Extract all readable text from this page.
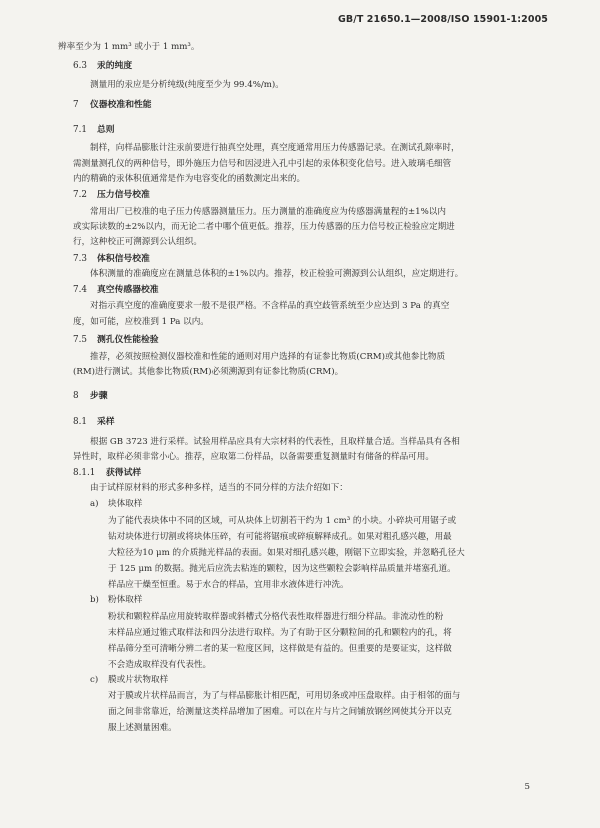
GB/T 21650.1—2008/ISO 15901-1:2005
辨率至少为 1 mm³ 或小于 1 mm³。
6.3 汞的纯度
测量用的汞应是分析纯级(纯度至少为 99.4%/m)。
7 仪器校准和性能
7.1 总则
制样，向样品膨胀计注汞前要进行抽真空处理，真空度通常用压力传感器记录。在测试孔隙率时，
需测量测孔仪的两种信号，即外施压力信号和因浸进入孔中引起的汞体积变化信号。进入玻璃毛细管
内的精确的汞体积值通常是作为电容变化的函数测定出来的。
7.2 压力信号校准
常用出厂已校准的电子压力传感器测量压力。压力测量的准确度应为传感器满量程的±1%以内
或实际读数的±2%以内，而无论二者中哪个值更低。推荐，压力传感器的压力信号校正检验应定期进
行，这种校正可溯源到公认组织。
7.3 体积信号校准
体积测量的准确度应在测量总体积的±1%以内。推荐，校正检验可溯源到公认组织，应定期进行。
7.4 真空传感器校准
对指示真空度的准确度要求一般不是很严格。不含样品的真空歧管系统至少应达到 3 Pa 的真空
度，如可能，应校准到 1 Pa 以内。
7.5 测孔仪性能检验
推荐，必须按照检测仪器校准和性能的通则对用户选择的有证参比物质(CRM)或其他参比物质
(RM)进行测试。其他参比物质(RM)必须溯源到有证参比物质(CRM)。
8 步骤
8.1 采样
根据 GB 3723 进行采样。试验用样品应具有大宗材料的代表性，且取样量合适。当样品具有各相
异性时，取样必须非常小心。推荐，应取第二份样品，以备需要重复测量时有储备的样品可用。
8.1.1 获得试样
由于试样原材料的形式多种多样，适当的不同分样的方法介绍如下：
a) 块体取样
为了能代表块体中不同的区域，可从块体上切割若干约为 1 cm³ 的小块。小碎块可用锯子或
钻对块体进行切割或将块体压碎，有可能将锯痕或碎痕解释成孔。如果对粗孔感兴趣，用最
大粒径为10 μm 的介质抛光样品的表面。如果对细孔感兴趣，刚锯下立即实验，并忽略孔径大
于 125 μm 的数据。抛光后应洗去粘连的颗粒，因为这些颗粒会影响样品质量并堵塞孔道。
样品应干燥至恒重。易于水合的样品，宜用非水液体进行冲洗。
b) 粉体取样
粉状和颗粒样品应用旋转取样器或斜槽式分格代表性取样器进行细分样品。非流动性的粉
末样品应通过锥式取样法和四分法进行取样。为了有助于区分颗粒间的孔和颗粒内的孔，将
样品筛分至可清晰分辨二者的某一粒度区间，这样做是有益的。但重要的是要证实，这样做
不会造成取样没有代表性。
c) 膜或片状物取样
对于膜或片状样品而言，为了与样品膨胀计相匹配，可用切条或冲压盘取样。由于相邻的面与
面之间非常靠近，给测量这类样品增加了困难。可以在片与片之间铺放钢丝网使其分开以克
服上述测量困难。
5
